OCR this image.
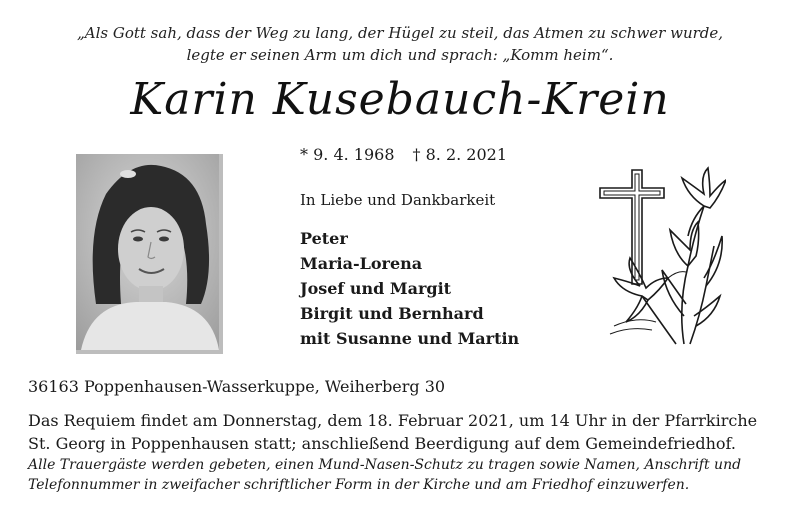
„Als Gott sah, dass der Weg zu lang, der Hügel zu steil, das Atmen zu schwer wurde,
legte er seinen Arm um dich und sprach: „Komm heim“.
Karin Kusebauch-Krein
* 9. 4. 1968 † 8. 2. 2021
In Liebe und Dankbarkeit
Peter
Maria-Lorena
Josef und Margit
Birgit und Bernhard
mit Susanne und Martin
36163 Poppenhausen-Wasserkuppe, Weiherberg 30
Das Requiem findet am Donnerstag, dem 18. Februar 2021, um 14 Uhr in der Pfarrkirche
St. Georg in Poppenhausen statt; anschließend Beerdigung auf dem Gemeindefriedhof.
Alle Trauergäste werden gebeten, einen Mund-Nasen-Schutz zu tragen sowie Namen, Anschrift und
Telefonnummer in zweifacher schriftlicher Form in der Kirche und am Friedhof einzuwerfen.
